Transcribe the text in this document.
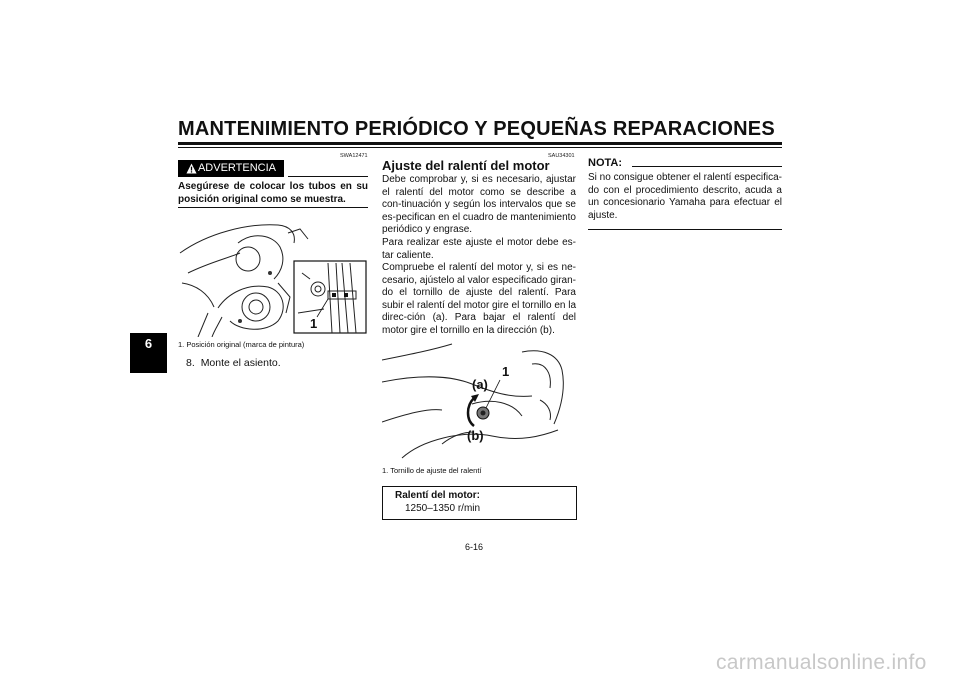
MANTENIMIENTO PERIÓDICO Y PEQUEÑAS REPARACIONES
6
SWA12471
ADVERTENCIA
Asegúrese de colocar los tubos en su posición original como se muestra.
1
1. Posición original (marca de pintura)
8. Monte el asiento.
SAU34301
Ajuste del ralentí del motor
Debe comprobar y, si es necesario, ajustar el ralentí del motor como se describe a con-tinuación y según los intervalos que se es-pecifican en el cuadro de mantenimiento periódico y engrase.
Para realizar este ajuste el motor debe es-tar caliente.
Compruebe el ralentí del motor y, si es ne-cesario, ajústelo al valor especificado giran-do el tornillo de ajuste del ralentí. Para subir el ralentí del motor gire el tornillo en la direc-ción (a). Para bajar el ralentí del motor gire el tornillo en la dirección (b).
(a)
(b)
1
1. Tornillo de ajuste del ralentí
Ralentí del motor:
1250–1350 r/min
NOTA:
Si no consigue obtener el ralentí especifica-do con el procedimiento descrito, acuda a un concesionario Yamaha para efectuar el ajuste.
6-16
carmanualsonline.info
